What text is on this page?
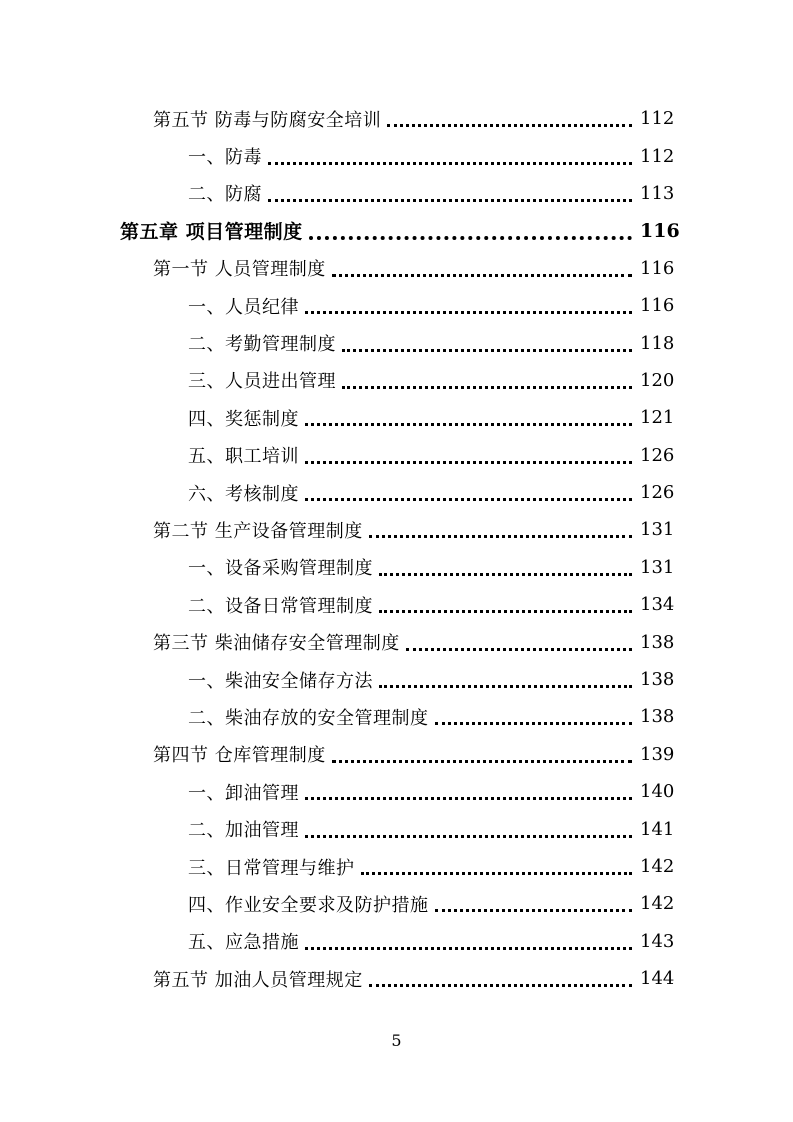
第五节 防毒与防腐安全培训	112
一、防毒	112
二、防腐	113
第五章 项目管理制度	116
第一节 人员管理制度	116
一、人员纪律	116
二、考勤管理制度	118
三、人员进出管理	120
四、奖惩制度	121
五、职工培训	126
六、考核制度	126
第二节 生产设备管理制度	131
一、设备采购管理制度	131
二、设备日常管理制度	134
第三节 柴油储存安全管理制度	138
一、柴油安全储存方法	138
二、柴油存放的安全管理制度	138
第四节 仓库管理制度	139
一、卸油管理	140
二、加油管理	141
三、日常管理与维护	142
四、作业安全要求及防护措施	142
五、应急措施	143
第五节 加油人员管理规定	144
5
